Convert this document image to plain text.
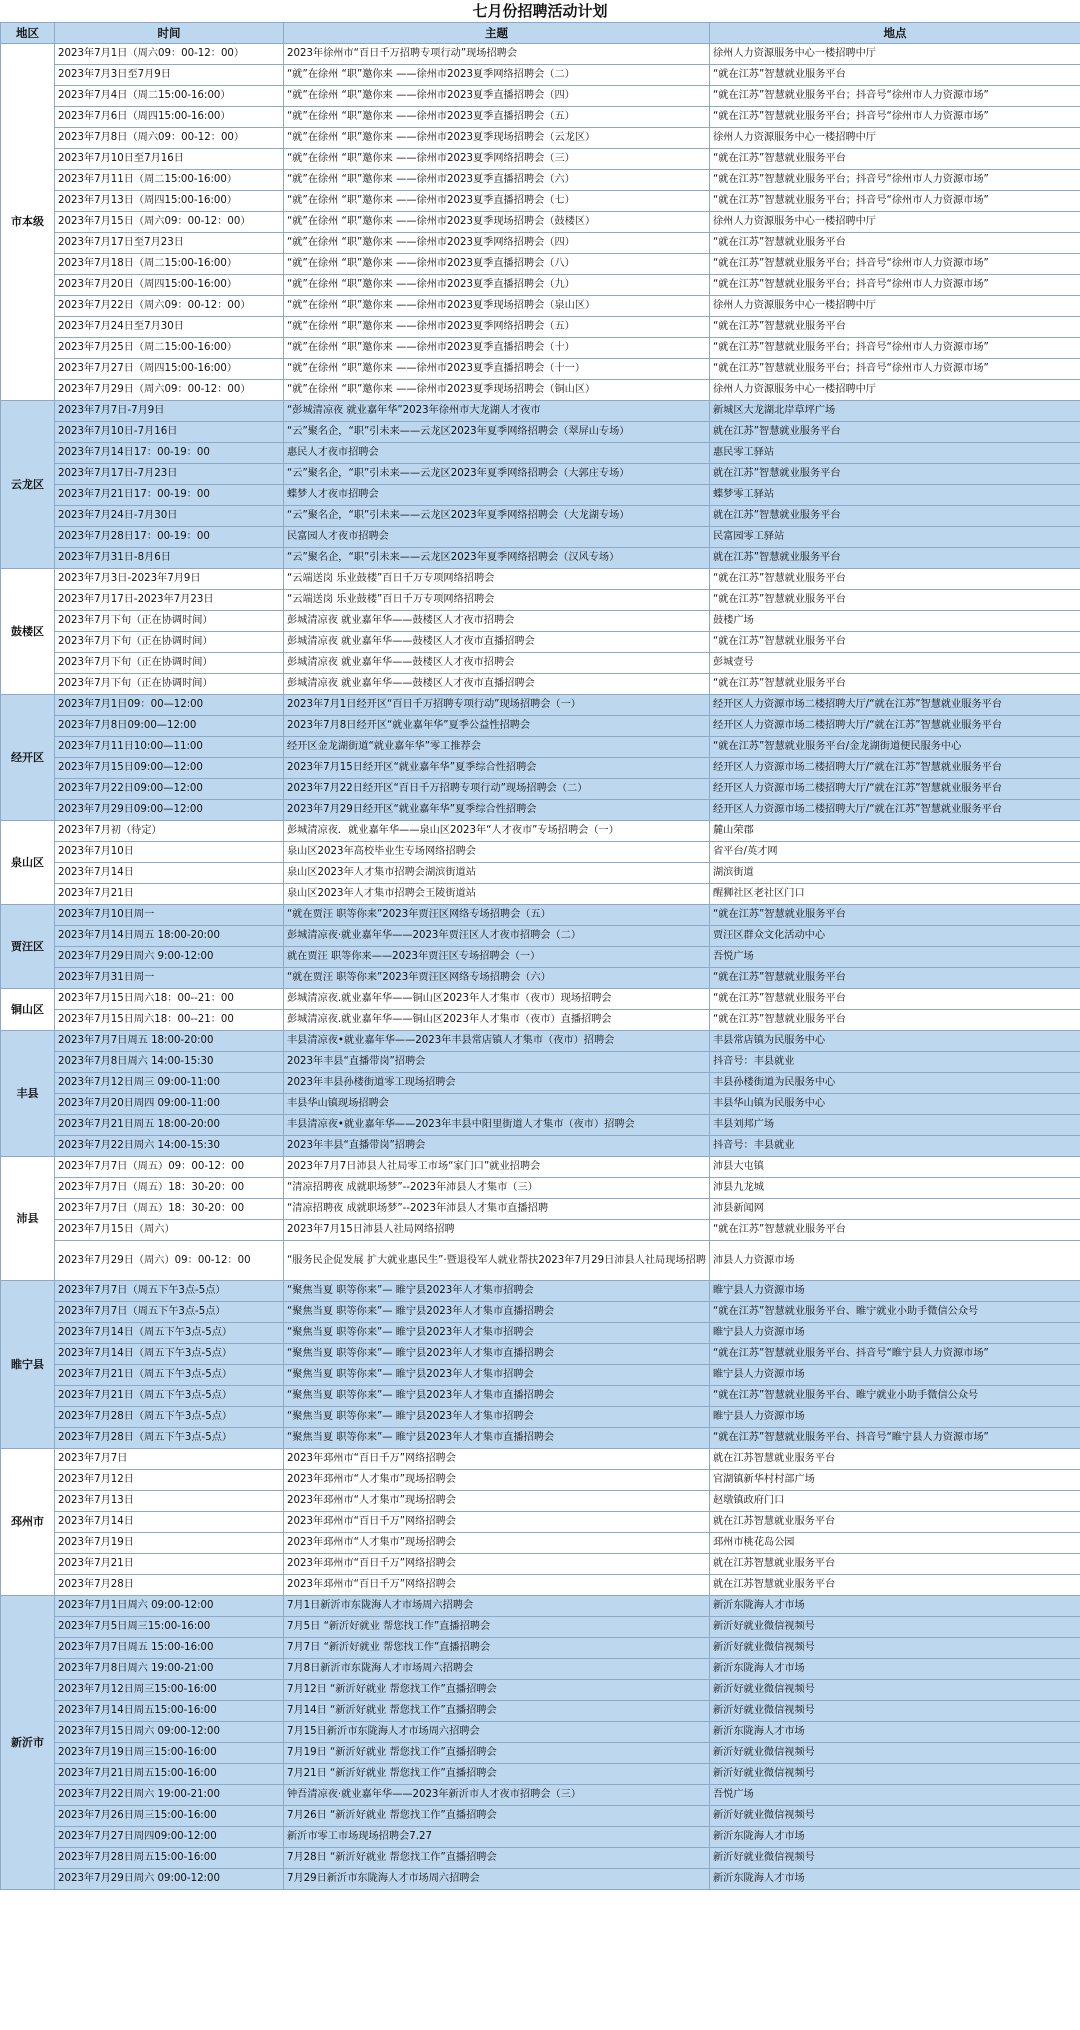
七月份招聘活动计划
地区	时间	主题	地点
市本级	2023年7月1日（周六09：00-12：00）	2023年徐州市“百日千万招聘专项行动”现场招聘会	徐州人力资源服务中心一楼招聘中厅
	2023年7月3日至7月9日	“就”在徐州 “职”邀你来 ——徐州市2023夏季网络招聘会（二）	“就在江苏”智慧就业服务平台
	2023年7月4日（周二15:00-16:00）	“就”在徐州 “职”邀你来 ——徐州市2023夏季直播招聘会（四）	“就在江苏”智慧就业服务平台；抖音号“徐州市人力资源市场”
	2023年7月6日（周四15:00-16:00）	“就”在徐州 “职”邀你来 ——徐州市2023夏季直播招聘会（五）	“就在江苏”智慧就业服务平台；抖音号“徐州市人力资源市场”
	2023年7月8日（周六09：00-12：00）	“就”在徐州 “职”邀你来 ——徐州市2023夏季现场招聘会（云龙区）	徐州人力资源服务中心一楼招聘中厅
	2023年7月10日至7月16日	“就”在徐州 “职”邀你来 ——徐州市2023夏季网络招聘会（三）	“就在江苏”智慧就业服务平台
	2023年7月11日（周二15:00-16:00）	“就”在徐州 “职”邀你来 ——徐州市2023夏季直播招聘会（六）	“就在江苏”智慧就业服务平台；抖音号“徐州市人力资源市场”
	2023年7月13日（周四15:00-16:00）	“就”在徐州 “职”邀你来 ——徐州市2023夏季直播招聘会（七）	“就在江苏”智慧就业服务平台；抖音号“徐州市人力资源市场”
	2023年7月15日（周六09：00-12：00）	“就”在徐州 “职”邀你来 ——徐州市2023夏季现场招聘会（鼓楼区）	徐州人力资源服务中心一楼招聘中厅
	2023年7月17日至7月23日	“就”在徐州 “职”邀你来 ——徐州市2023夏季网络招聘会（四）	“就在江苏”智慧就业服务平台
	2023年7月18日（周二15:00-16:00）	“就”在徐州 “职”邀你来 ——徐州市2023夏季直播招聘会（八）	“就在江苏”智慧就业服务平台；抖音号“徐州市人力资源市场”
	2023年7月20日（周四15:00-16:00）	“就”在徐州 “职”邀你来 ——徐州市2023夏季直播招聘会（九）	“就在江苏”智慧就业服务平台；抖音号“徐州市人力资源市场”
	2023年7月22日（周六09：00-12：00）	“就”在徐州 “职”邀你来 ——徐州市2023夏季现场招聘会（泉山区）	徐州人力资源服务中心一楼招聘中厅
	2023年7月24日至7月30日	“就”在徐州 “职”邀你来 ——徐州市2023夏季网络招聘会（五）	“就在江苏”智慧就业服务平台
	2023年7月25日（周二15:00-16:00）	“就”在徐州 “职”邀你来 ——徐州市2023夏季直播招聘会（十）	“就在江苏”智慧就业服务平台；抖音号“徐州市人力资源市场”
	2023年7月27日（周四15:00-16:00）	“就”在徐州 “职”邀你来 ——徐州市2023夏季直播招聘会（十一）	“就在江苏”智慧就业服务平台；抖音号“徐州市人力资源市场”
	2023年7月29日（周六09：00-12：00）	“就”在徐州 “职”邀你来 ——徐州市2023夏季现场招聘会（铜山区）	徐州人力资源服务中心一楼招聘中厅
云龙区	2023年7月7日-7月9日	“彭城清凉夜 就业嘉年华”2023年徐州市大龙湖人才夜市	新城区大龙湖北岸草坪广场
	2023年7月10日-7月16日	“云”聚名企，“职”引未来——云龙区2023年夏季网络招聘会（翠屏山专场）	就在江苏”智慧就业服务平台
	2023年7月14日17：00-19：00	惠民人才夜市招聘会	惠民零工驿站
	2023年7月17日-7月23日	“云”聚名企，“职”引未来——云龙区2023年夏季网络招聘会（大郭庄专场）	就在江苏”智慧就业服务平台
	2023年7月21日17：00-19：00	蝶梦人才夜市招聘会	蝶梦零工驿站
	2023年7月24日-7月30日	“云”聚名企，“职”引未来——云龙区2023年夏季网络招聘会（大龙湖专场）	就在江苏”智慧就业服务平台
	2023年7月28日17：00-19：00	民富园人才夜市招聘会	民富园零工驿站
	2023年7月31日-8月6日	“云”聚名企，“职”引未来——云龙区2023年夏季网络招聘会（汉风专场）	就在江苏”智慧就业服务平台
鼓楼区	2023年7月3日-2023年7月9日	“云端送岗 乐业鼓楼”百日千万专项网络招聘会	“就在江苏”智慧就业服务平台
	2023年7月17日-2023年7月23日	“云端送岗 乐业鼓楼”百日千万专项网络招聘会	“就在江苏”智慧就业服务平台
	2023年7月下旬（正在协调时间）	彭城清凉夜 就业嘉年华——鼓楼区人才夜市招聘会	鼓楼广场
	2023年7月下旬（正在协调时间）	彭城清凉夜 就业嘉年华——鼓楼区人才夜市直播招聘会	“就在江苏”智慧就业服务平台
	2023年7月下旬（正在协调时间）	彭城清凉夜 就业嘉年华——鼓楼区人才夜市招聘会	彭城壹号
	2023年7月下旬（正在协调时间）	彭城清凉夜 就业嘉年华——鼓楼区人才夜市直播招聘会	“就在江苏”智慧就业服务平台
经开区	2023年7月1日09：00—12:00	2023年7月1日经开区“百日千万招聘专项行动”现场招聘会（一）	经开区人力资源市场二楼招聘大厅/“就在江苏”智慧就业服务平台
	2023年7月8日09:00—12:00	2023年7月8日经开区“就业嘉年华”夏季公益性招聘会	经开区人力资源市场二楼招聘大厅/“就在江苏”智慧就业服务平台
	2023年7月11日10:00—11:00	经开区金龙湖街道“就业嘉年华”零工推荐会	“就在江苏”智慧就业服务平台/金龙湖街道便民服务中心
	2023年7月15日09:00—12:00	2023年7月15日经开区“就业嘉年华”夏季综合性招聘会	经开区人力资源市场二楼招聘大厅/“就在江苏”智慧就业服务平台
	2023年7月22日09:00—12:00	2023年7月22日经开区“百日千万招聘专项行动”现场招聘会（二）	经开区人力资源市场二楼招聘大厅/“就在江苏”智慧就业服务平台
	2023年7月29日09:00—12:00	2023年7月29日经开区“就业嘉年华”夏季综合性招聘会	经开区人力资源市场二楼招聘大厅/“就在江苏”智慧就业服务平台
泉山区	2023年7月初（待定）	彭城清凉夜．就业嘉年华——泉山区2023年“人才夜市”专场招聘会（一）	麓山荣郡
	2023年7月10日	泉山区2023年高校毕业生专场网络招聘会	省平台/英才网
	2023年7月14日	泉山区2023年人才集市招聘会湖滨街道站	湖滨街道
	2023年7月21日	泉山区2023年人才集市招聘会王陵街道站	醒狮社区老社区门口
贾汪区	2023年7月10日周一	“就在贾汪 职等你来”2023年贾汪区网络专场招聘会（五）	“就在江苏”智慧就业服务平台
	2023年7月14日周五 18:00-20:00	彭城清凉夜·就业嘉年华——2023年贾汪区人才夜市招聘会（二）	贾汪区群众文化活动中心
	2023年7月29日周六 9:00-12:00	就在贾汪 职等你来——2023年贾汪区专场招聘会（一）	吾悦广场
	2023年7月31日周一	“就在贾汪 职等你来”2023年贾汪区网络专场招聘会（六）	“就在江苏”智慧就业服务平台
铜山区	2023年7月15日周六18：00--21：00	彭城清凉夜.就业嘉年华——铜山区2023年人才集市（夜市）现场招聘会	“就在江苏”智慧就业服务平台
	2023年7月15日周六18：00--21：00	彭城清凉夜.就业嘉年华——铜山区2023年人才集市（夜市）直播招聘会	“就在江苏”智慧就业服务平台
丰县	2023年7月7日周五 18:00-20:00	丰县清凉夜•就业嘉年华——2023年丰县常店镇人才集市（夜市）招聘会	丰县常店镇为民服务中心
	2023年7月8日周六 14:00-15:30	2023年丰县“直播带岗”招聘会	抖音号：丰县就业
	2023年7月12日周三 09:00-11:00	2023年丰县孙楼街道零工现场招聘会	丰县孙楼街道为民服务中心
	2023年7月20日周四 09:00-11:00	丰县华山镇现场招聘会	丰县华山镇为民服务中心
	2023年7月21日周五 18:00-20:00	丰县清凉夜•就业嘉年华——2023年丰县中阳里街道人才集市（夜市）招聘会	丰县刘邦广场
	2023年7月22日周六 14:00-15:30	2023年丰县“直播带岗”招聘会	抖音号：丰县就业
沛县	2023年7月7日（周五）09：00-12：00	2023年7月7日沛县人社局零工市场“家门口”就业招聘会	沛县大屯镇
	2023年7月7日（周五）18：30-20：00	“清凉招聘夜 成就职场梦”--2023年沛县人才集市（三）	沛县九龙城
	2023年7月7日（周五）18：30-20：00	“清凉招聘夜 成就职场梦”--2023年沛县人才集市直播招聘	沛县新闻网
	2023年7月15日（周六）	2023年7月15日沛县人社局网络招聘	“就在江苏”智慧就业服务平台
	2023年7月29日（周六）09：00-12：00	“服务民企促发展 扩大就业惠民生”·暨退役军人就业帮扶2023年7月29日沛县人社局现场招聘	沛县人力资源市场
睢宁县	2023年7月7日（周五下午3点-5点）	“聚焦当夏 职等你来”— 睢宁县2023年人才集市招聘会	睢宁县人力资源市场
	2023年7月7日（周五下午3点-5点）	“聚焦当夏 职等你来”— 睢宁县2023年人才集市直播招聘会	“就在江苏”智慧就业服务平台、睢宁就业小助手微信公众号
	2023年7月14日（周五下午3点-5点）	“聚焦当夏 职等你来”— 睢宁县2023年人才集市招聘会	睢宁县人力资源市场
	2023年7月14日（周五下午3点-5点）	“聚焦当夏 职等你来”— 睢宁县2023年人才集市直播招聘会	“就在江苏”智慧就业服务平台、抖音号“睢宁县人力资源市场”
	2023年7月21日（周五下午3点-5点）	“聚焦当夏 职等你来”— 睢宁县2023年人才集市招聘会	睢宁县人力资源市场
	2023年7月21日（周五下午3点-5点）	“聚焦当夏 职等你来”— 睢宁县2023年人才集市直播招聘会	“就在江苏”智慧就业服务平台、睢宁就业小助手微信公众号
	2023年7月28日（周五下午3点-5点）	“聚焦当夏 职等你来”— 睢宁县2023年人才集市招聘会	睢宁县人力资源市场
	2023年7月28日（周五下午3点-5点）	“聚焦当夏 职等你来”— 睢宁县2023年人才集市直播招聘会	“就在江苏”智慧就业服务平台、抖音号“睢宁县人力资源市场”
邳州市	2023年7月7日	2023年邳州市“百日千万”网络招聘会	就在江苏智慧就业服务平台
	2023年7月12日	2023年邳州市“人才集市”现场招聘会	官湖镇新华村村部广场
	2023年7月13日	2023年邳州市“人才集市”现场招聘会	赵墩镇政府门口
	2023年7月14日	2023年邳州市“百日千万”网络招聘会	就在江苏智慧就业服务平台
	2023年7月19日	2023年邳州市“人才集市”现场招聘会	邳州市桃花岛公园
	2023年7月21日	2023年邳州市“百日千万”网络招聘会	就在江苏智慧就业服务平台
	2023年7月28日	2023年邳州市“百日千万”网络招聘会	就在江苏智慧就业服务平台
新沂市	2023年7月1日周六 09:00-12:00	7月1日新沂市东陇海人才市场周六招聘会	新沂东陇海人才市场
	2023年7月5日周三15:00-16:00	7月5日 “新沂好就业 帮您找工作”直播招聘会	新沂好就业微信视频号
	2023年7月7日周五 15:00-16:00	7月7日 “新沂好就业 帮您找工作”直播招聘会	新沂好就业微信视频号
	2023年7月8日周六 19:00-21:00	7月8日新沂市东陇海人才市场周六招聘会	新沂东陇海人才市场
	2023年7月12日周三15:00-16:00	7月12日 “新沂好就业 帮您找工作”直播招聘会	新沂好就业微信视频号
	2023年7月14日周五15:00-16:00	7月14日 “新沂好就业 帮您找工作”直播招聘会	新沂好就业微信视频号
	2023年7月15日周六 09:00-12:00	7月15日新沂市东陇海人才市场周六招聘会	新沂东陇海人才市场
	2023年7月19日周三15:00-16:00	7月19日 “新沂好就业 帮您找工作”直播招聘会	新沂好就业微信视频号
	2023年7月21日周五15:00-16:00	7月21日 “新沂好就业 帮您找工作”直播招聘会	新沂好就业微信视频号
	2023年7月22日周六 19:00-21:00	钟吾清凉夜·就业嘉年华——2023年新沂市人才夜市招聘会（三）	吾悦广场
	2023年7月26日周三15:00-16:00	7月26日 “新沂好就业 帮您找工作”直播招聘会	新沂好就业微信视频号
	2023年7月27日周四09:00-12:00	新沂市零工市场现场招聘会7.27	新沂东陇海人才市场
	2023年7月28日周五15:00-16:00	7月28日 “新沂好就业 帮您找工作”直播招聘会	新沂好就业微信视频号
	2023年7月29日周六 09:00-12:00	7月29日新沂市东陇海人才市场周六招聘会	新沂东陇海人才市场
